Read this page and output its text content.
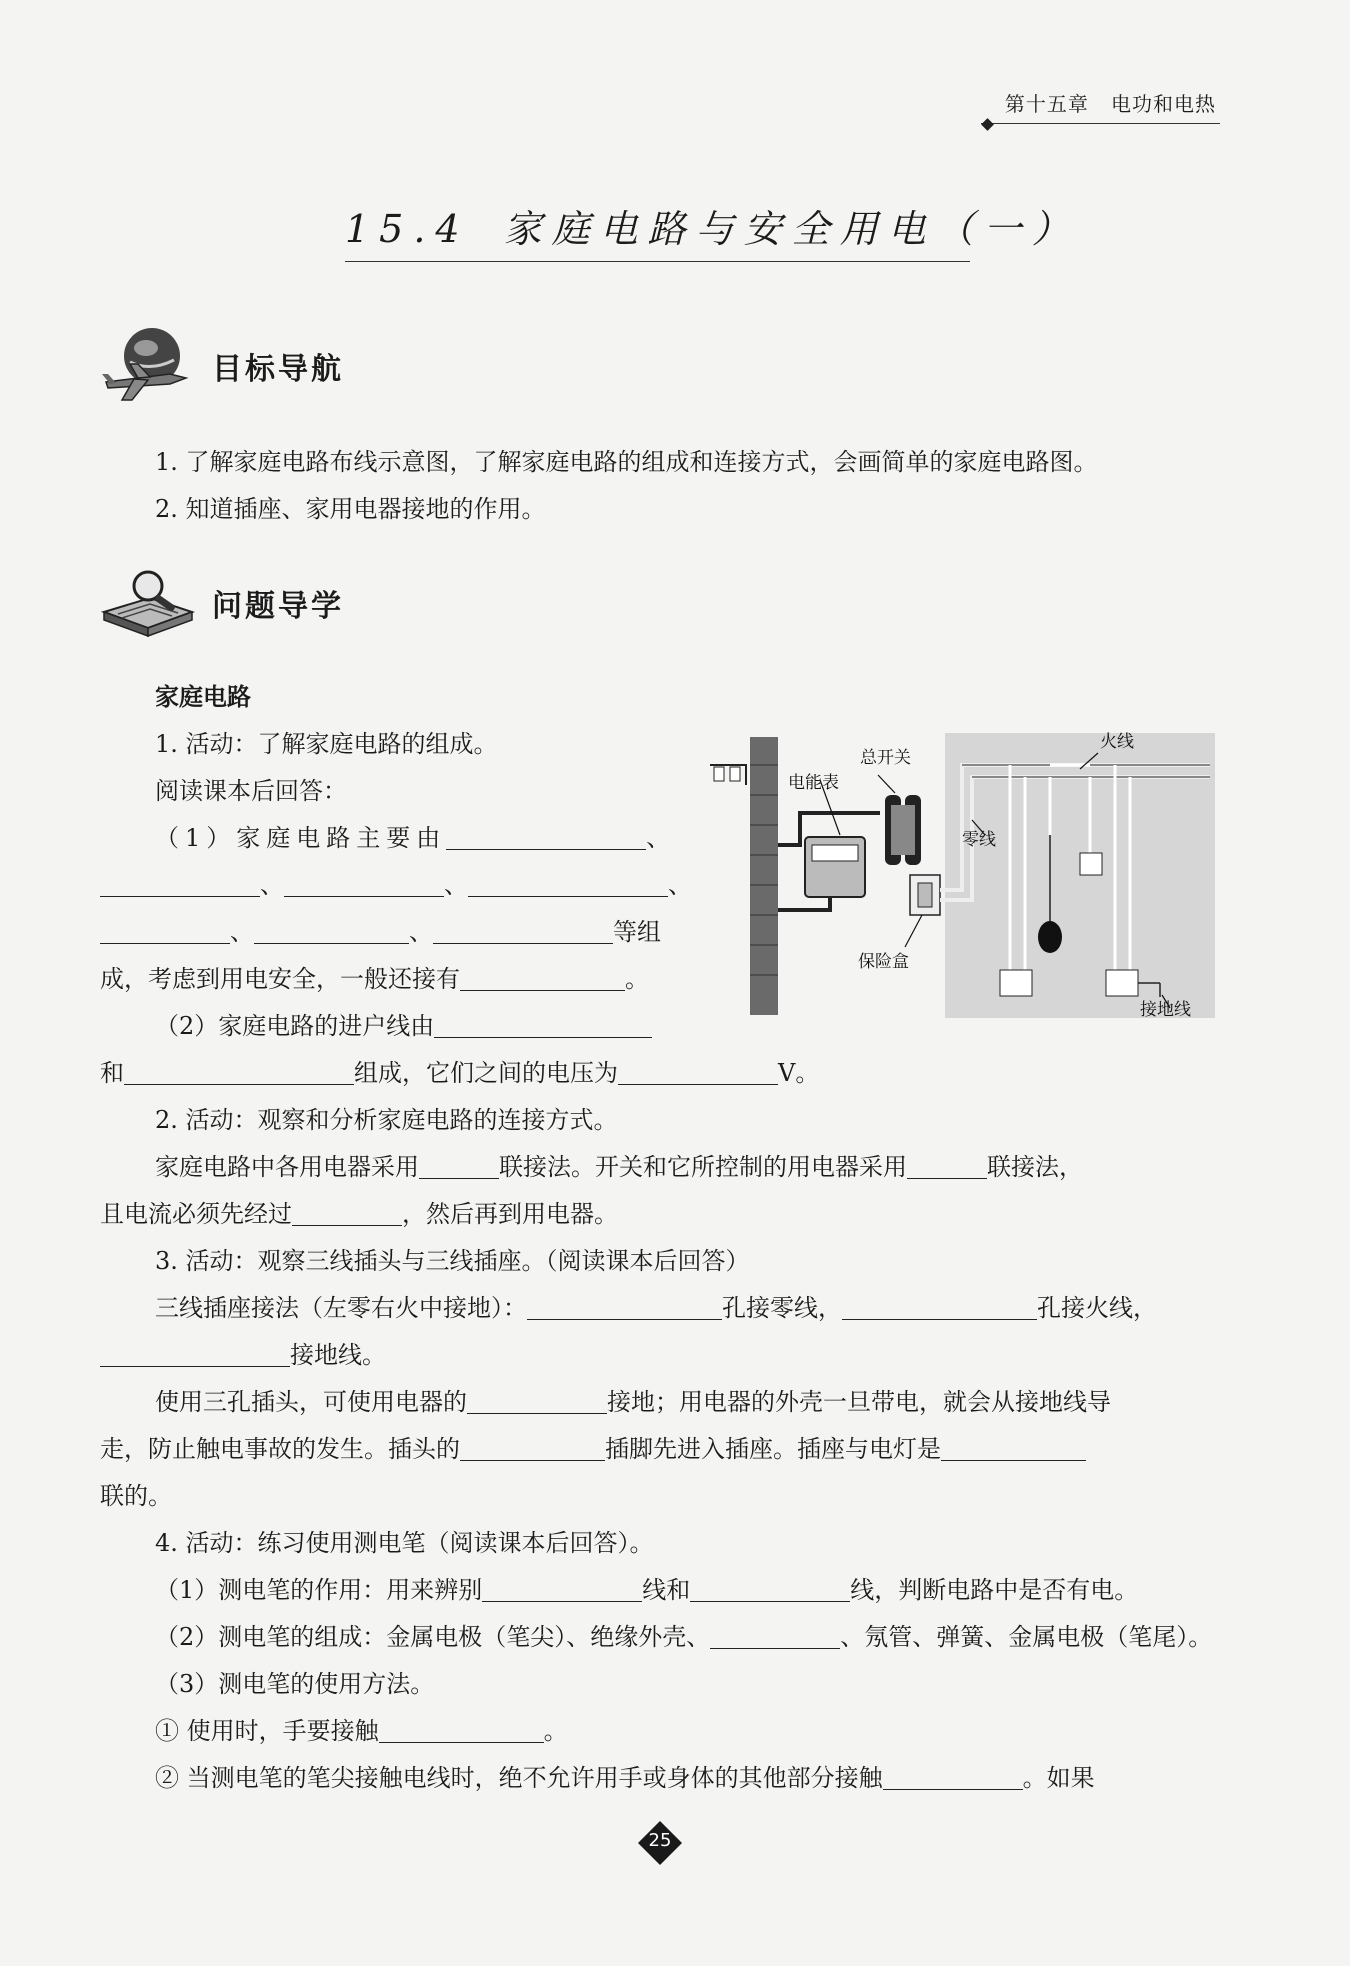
第十五章 电功和电热
15.4 家庭电路与安全用电（一）
目标导航
1. 了解家庭电路布线示意图，了解家庭电路的组成和连接方式，会画简单的家庭电路图。
2. 知道插座、家用电器接地的作用。
问题导学
家庭电路
1. 活动：了解家庭电路的组成。
阅读课本后回答：
（1）家庭电路主要由	、
、	、	、
、	、	等组
成，考虑到用电安全，一般还接有	。
（2）家庭电路的进户线由
和	组成，它们之间的电压为	V。
总开关
电能表
火线
零线
保险盒
接地线
2. 活动：观察和分析家庭电路的连接方式。
家庭电路中各用电器采用	联接法。开关和它所控制的用电器采用	联接法，
且电流必须先经过	，然后再到用电器。
3. 活动：观察三线插头与三线插座。（阅读课本后回答）
三线插座接法（左零右火中接地）：	孔接零线，	孔接火线，
接地线。
使用三孔插头，可使用电器的	接地；用电器的外壳一旦带电，就会从接地线导
走，防止触电事故的发生。插头的	插脚先进入插座。插座与电灯是
联的。
4. 活动：练习使用测电笔（阅读课本后回答）。
（1）测电笔的作用：用来辨别	线和	线，判断电路中是否有电。
（2）测电笔的组成：金属电极（笔尖）、绝缘外壳、	、氖管、弹簧、金属电极（笔尾）。
（3）测电笔的使用方法。
① 使用时，手要接触	。
② 当测电笔的笔尖接触电线时，绝不允许用手或身体的其他部分接触	。如果
25
